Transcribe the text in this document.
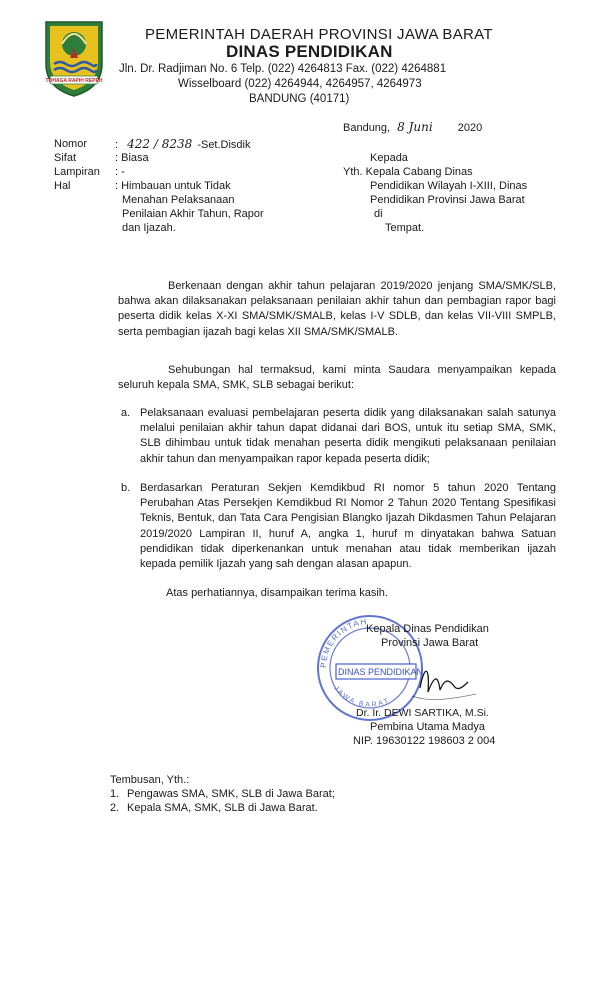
TOHAGA RAPIH REPEH
PEMERINTAH DAERAH PROVINSI JAWA BARAT
DINAS PENDIDIKAN
Jln. Dr. Radjiman No. 6 Telp. (022) 4264813 Fax. (022) 4264881
Wisselboard (022) 4264944, 4264957, 4264973
BANDUNG (40171)
Bandung, 8 Juni 2020
Nomor	: 422 / 8238 -Set.Disdik
Sifat	: Biasa
Lampiran : -
Hal	: Himbauan untuk Tidak
Menahan Pelaksanaan
Penilaian Akhir Tahun, Rapor
dan Ijazah.
Kepada
Yth. Kepala Cabang Dinas
Pendidikan Wilayah I-XIII, Dinas
Pendidikan Provinsi Jawa Barat
di
Tempat.
Berkenaan dengan akhir tahun pelajaran 2019/2020 jenjang SMA/SMK/SLB, bahwa akan dilaksanakan pelaksanaan penilaian akhir tahun dan pembagian rapor bagi peserta didik kelas X-XI SMA/SMK/SMALB, kelas I-V SDLB, dan kelas VII-VIII SMPLB, serta pembagian ijazah bagi kelas XII SMA/SMK/SMALB.
Sehubungan hal termaksud, kami minta Saudara menyampaikan kepada seluruh kepala SMA, SMK, SLB sebagai berikut:
a. Pelaksanaan evaluasi pembelajaran peserta didik yang dilaksanakan salah satunya melalui penilaian akhir tahun dapat didanai dari BOS, untuk itu setiap SMA, SMK, SLB dihimbau untuk tidak menahan peserta didik mengikuti pelaksanaan penilaian akhir tahun dan menyampaikan rapor kepada peserta didik;
b. Berdasarkan Peraturan Sekjen Kemdikbud RI nomor 5 tahun 2020 Tentang Perubahan Atas Persekjen Kemdikbud RI Nomor 2 Tahun 2020 Tentang Spesifikasi Teknis, Bentuk, dan Tata Cara Pengisian Blangko Ijazah Dikdasmen Tahun Pelajaran 2019/2020 Lampiran II, huruf A, angka 1, huruf m dinyatakan bahwa Satuan pendidikan tidak diperkenankan untuk menahan atau tidak memberikan ijazah kepada pemilik Ijazah yang sah dengan alasan apapun.
Atas perhatiannya, disampaikan terima kasih.
PEMERINTAH
DINAS PENDIDIKAN
JAWA BARAT
Kepala Dinas Pendidikan
Provinsi Jawa Barat
Dr. Ir. DEWI SARTIKA, M.Si.
Pembina Utama Madya
NIP. 19630122 198603 2 004
Tembusan, Yth.:
1. Pengawas SMA, SMK, SLB di Jawa Barat;
2. Kepala SMA, SMK, SLB di Jawa Barat.
